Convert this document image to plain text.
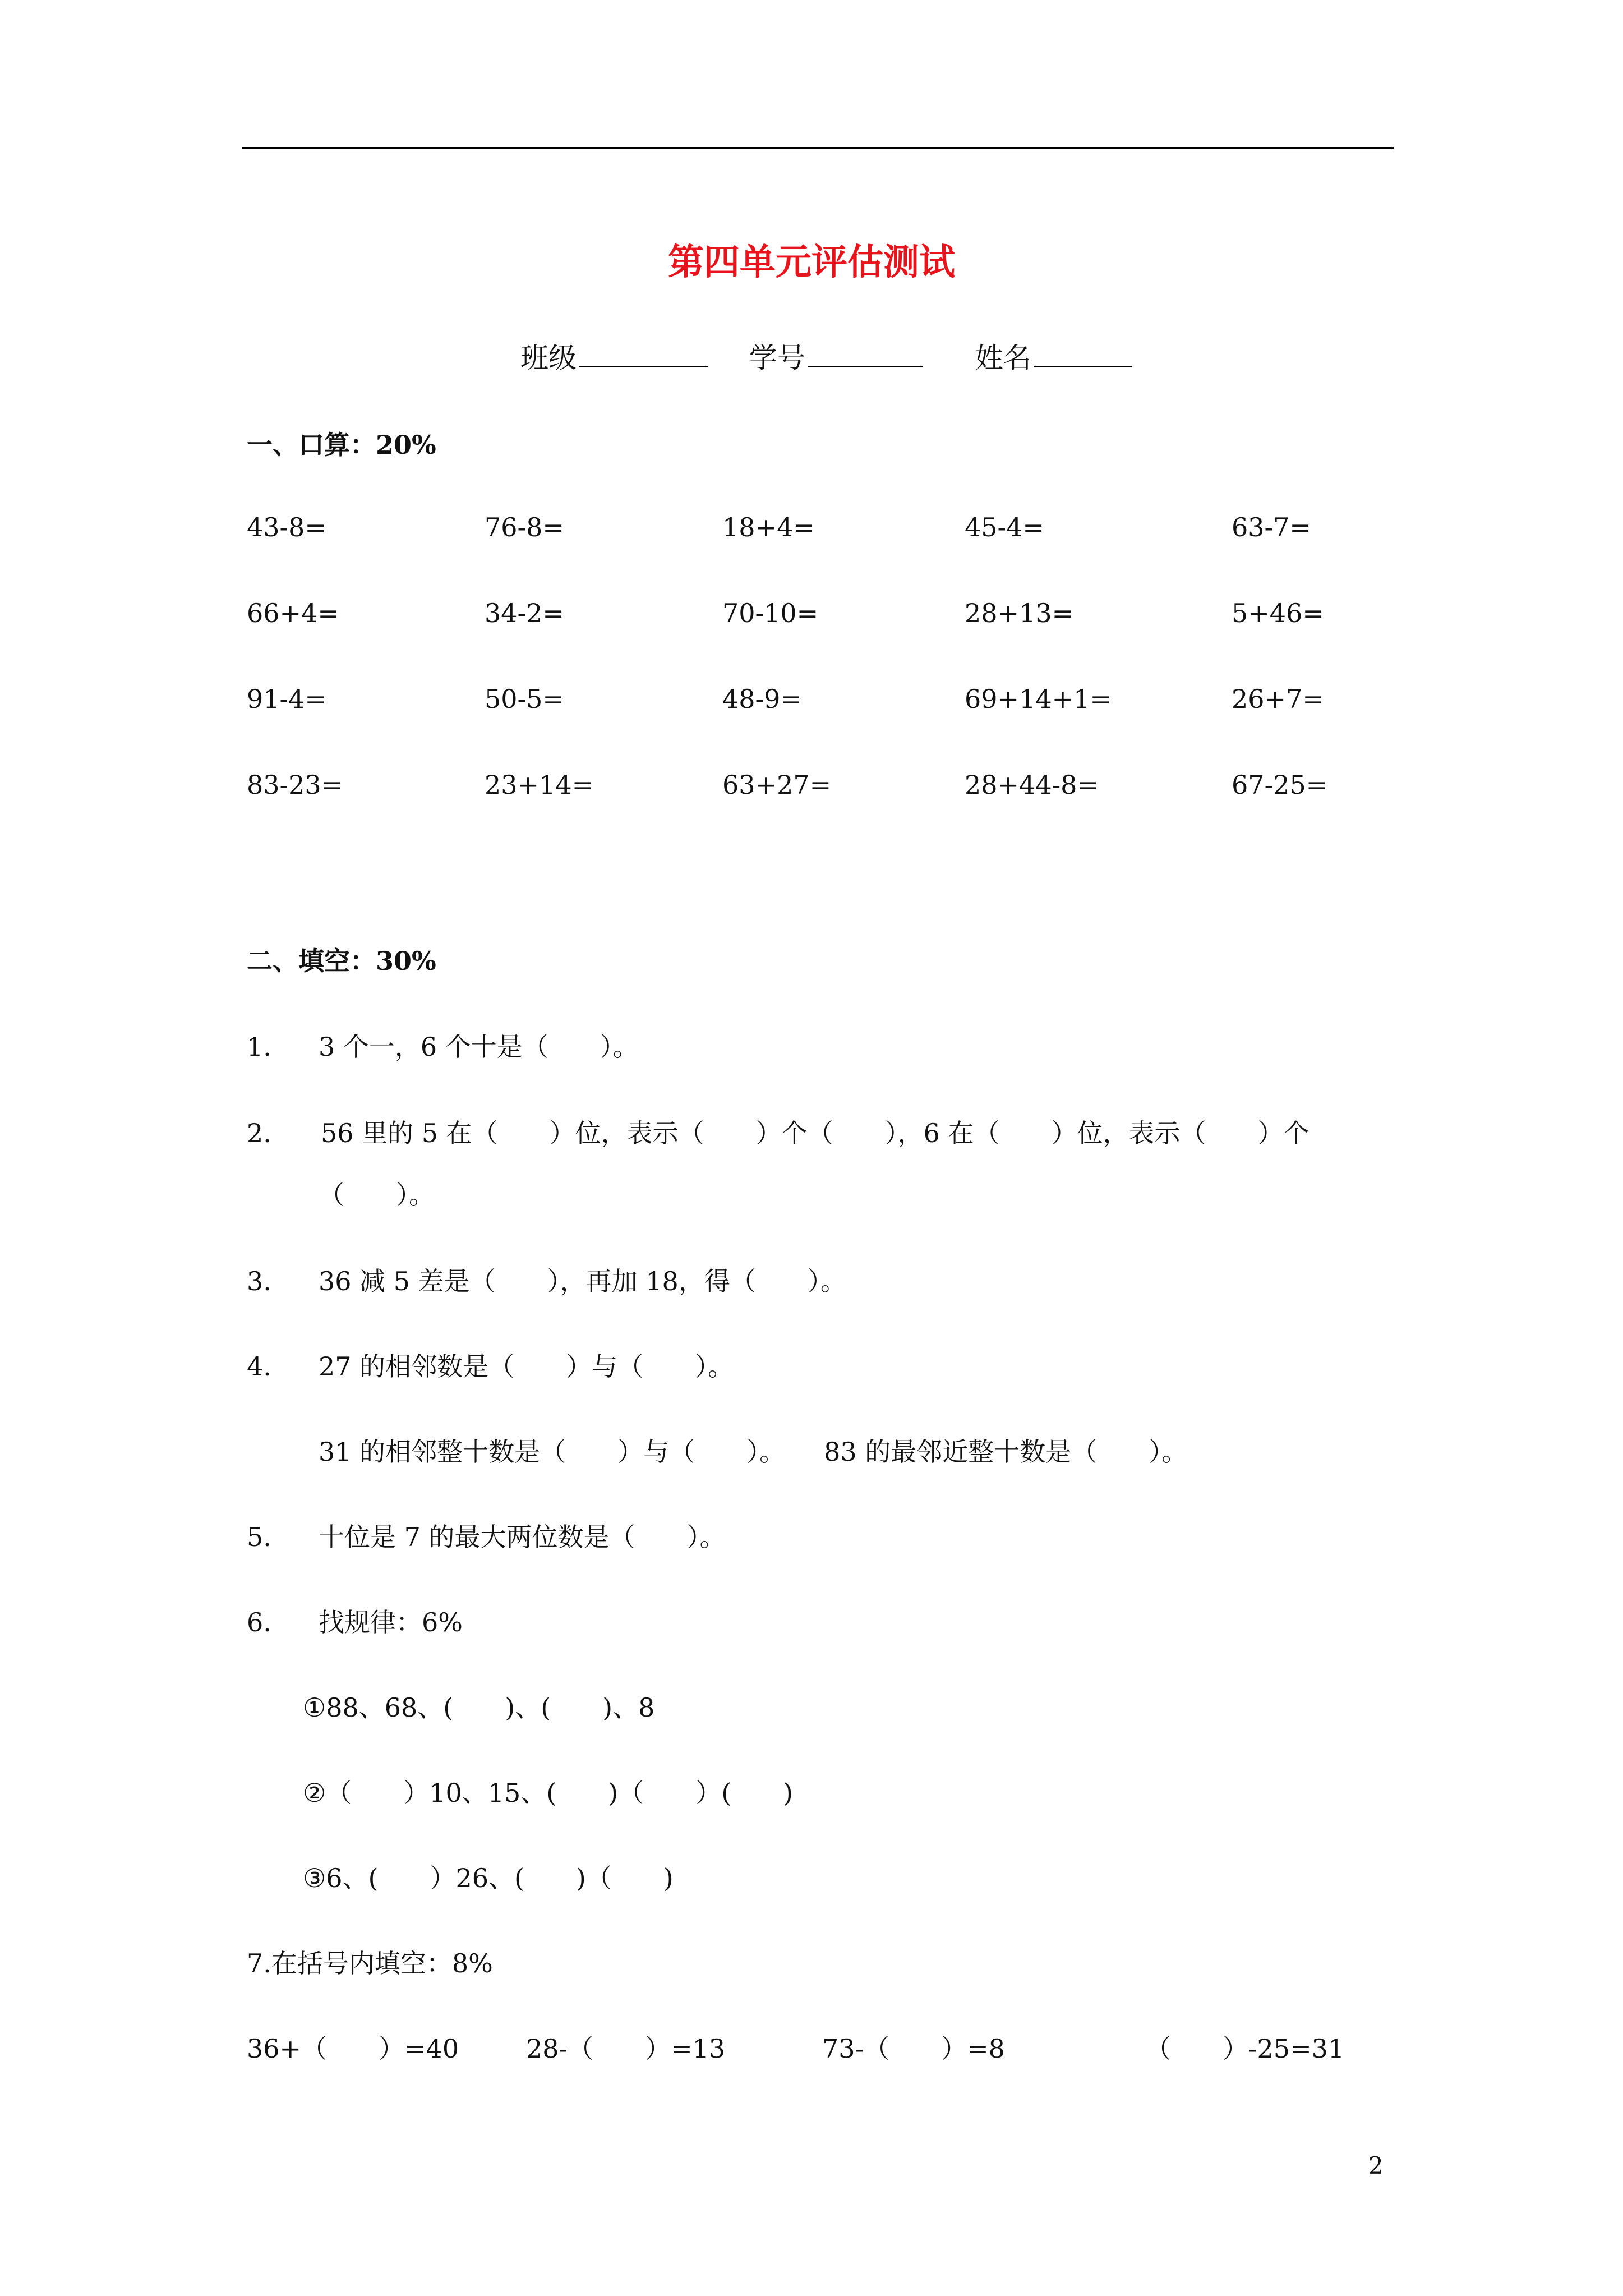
第四单元评估测试
班级	学号	姓名
一、口算：20%
43-8=	76-8=	18+4=	45-4=	63-7=
66+4=	34-2=	70-10=	28+13=	5+46=
91-4=	50-5=	48-9=	69+14+1=	26+7=
83-23=	23+14=	63+27=	28+44-8=	67-25=
二、填空：30%
1. 3 个一，6 个十是（　　）。
2. 56 里的 5 在（　　）位，表示（　　）个（　　），6 在（　　）位，表示（　　）个
（　　）。
3. 36 减 5 差是（　　），再加 18，得（　　）。
4. 27 的相邻数是（　　）与（　　）。
31 的相邻整十数是（　　）与（　　）。　　83 的最邻近整十数是（　　）。
5. 十位是 7 的最大两位数是（　　）。
6. 找规律：6%
①88、68、(　　)、(　　)、8
②（　　）10、15、(　　)（　　）(　　)
③6、(　　）26、(　　)（　　)
7.在括号内填空：8%
36+（　　）=40	28-（　　）=13	73-（　　）=8	（　　）-25=31
2
